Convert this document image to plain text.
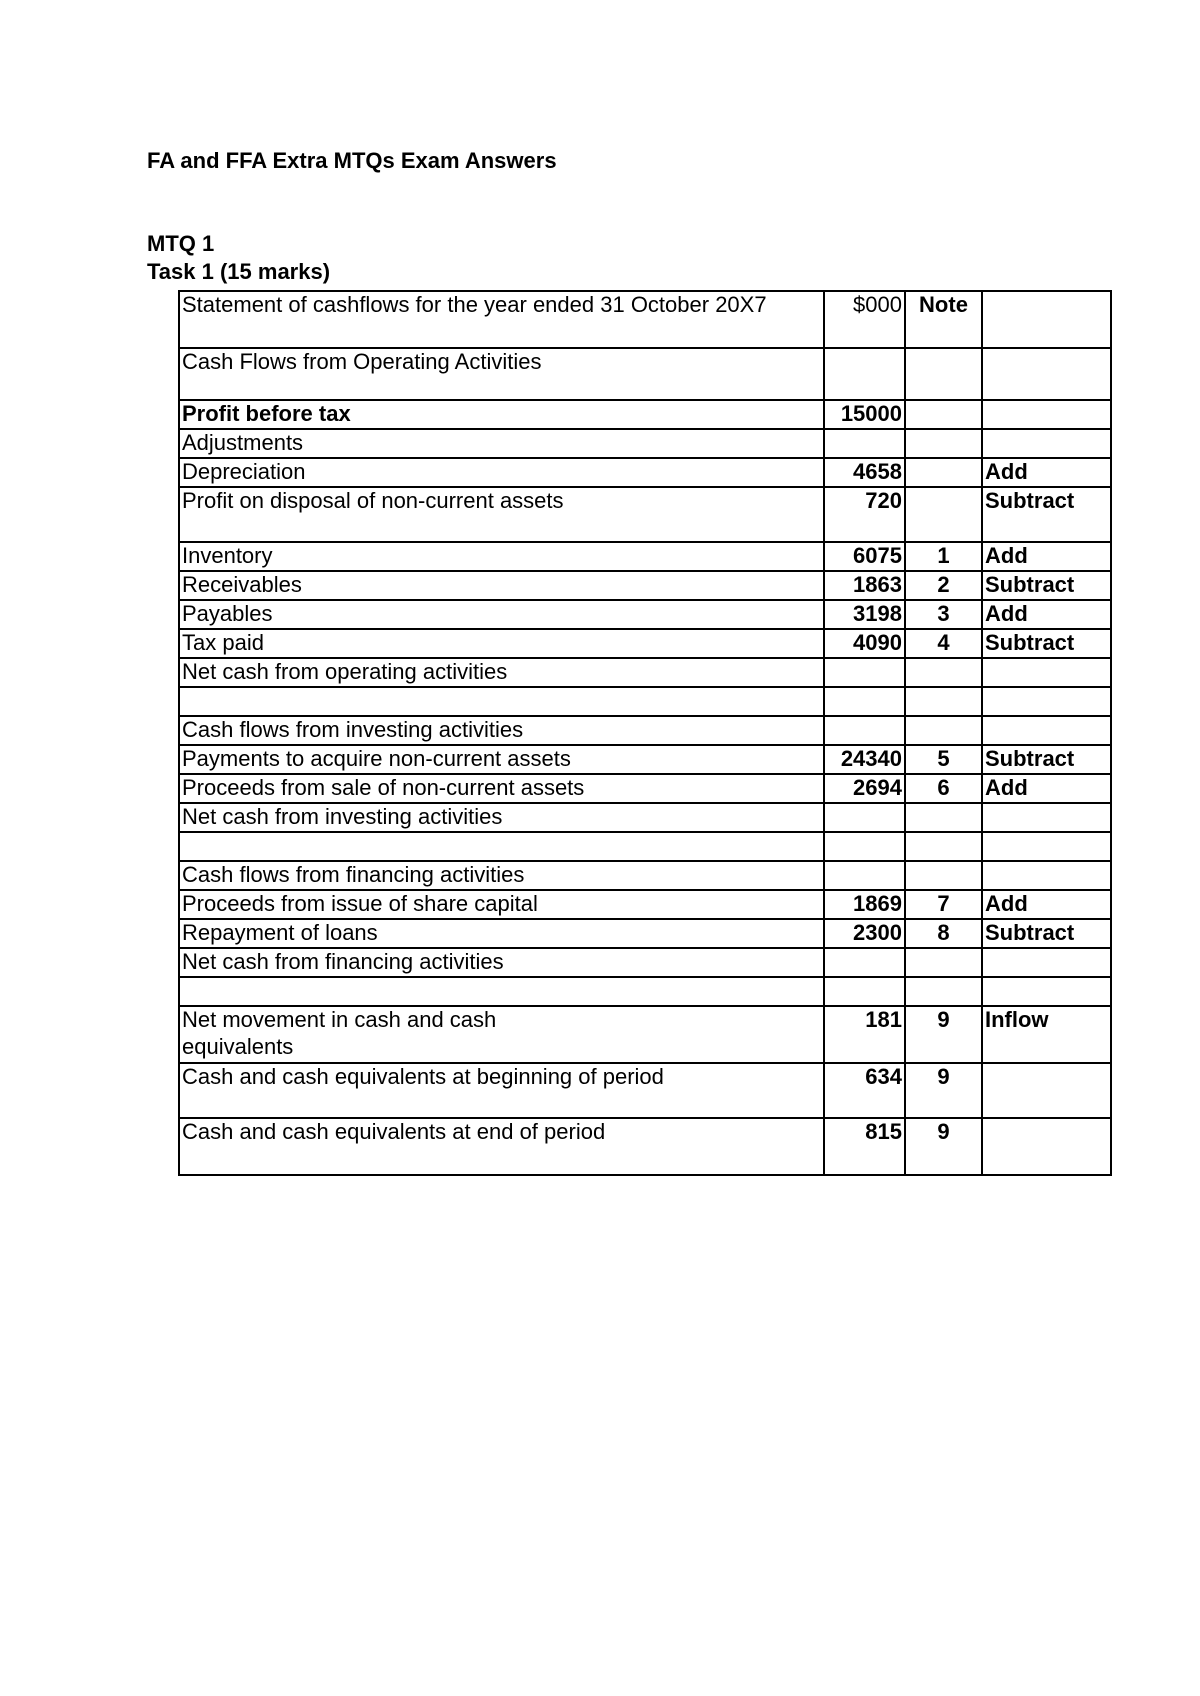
FA and FFA Extra MTQs Exam Answers
MTQ 1
Task 1 (15 marks)
Statement of cashflows for the year ended 31 October 20X7	$000	Note	
Cash Flows from Operating Activities			
Profit before tax	15000		
Adjustments			
Depreciation	4658		Add
Profit on disposal of non-current assets	720		Subtract
Inventory	6075	1	Add
Receivables	1863	2	Subtract
Payables	3198	3	Add
Tax paid	4090	4	Subtract
Net cash from operating activities			

Cash flows from investing activities			
Payments to acquire non-current assets	24340	5	Subtract
Proceeds from sale of non-current assets	2694	6	Add
Net cash from investing activities			

Cash flows from financing activities			
Proceeds from issue of share capital	1869	7	Add
Repayment of loans	2300	8	Subtract
Net cash from financing activities			

Net movement in cash and cash equivalents	181	9	Inflow
Cash and cash equivalents at beginning of period	634	9	
Cash and cash equivalents at end of period	815	9	
